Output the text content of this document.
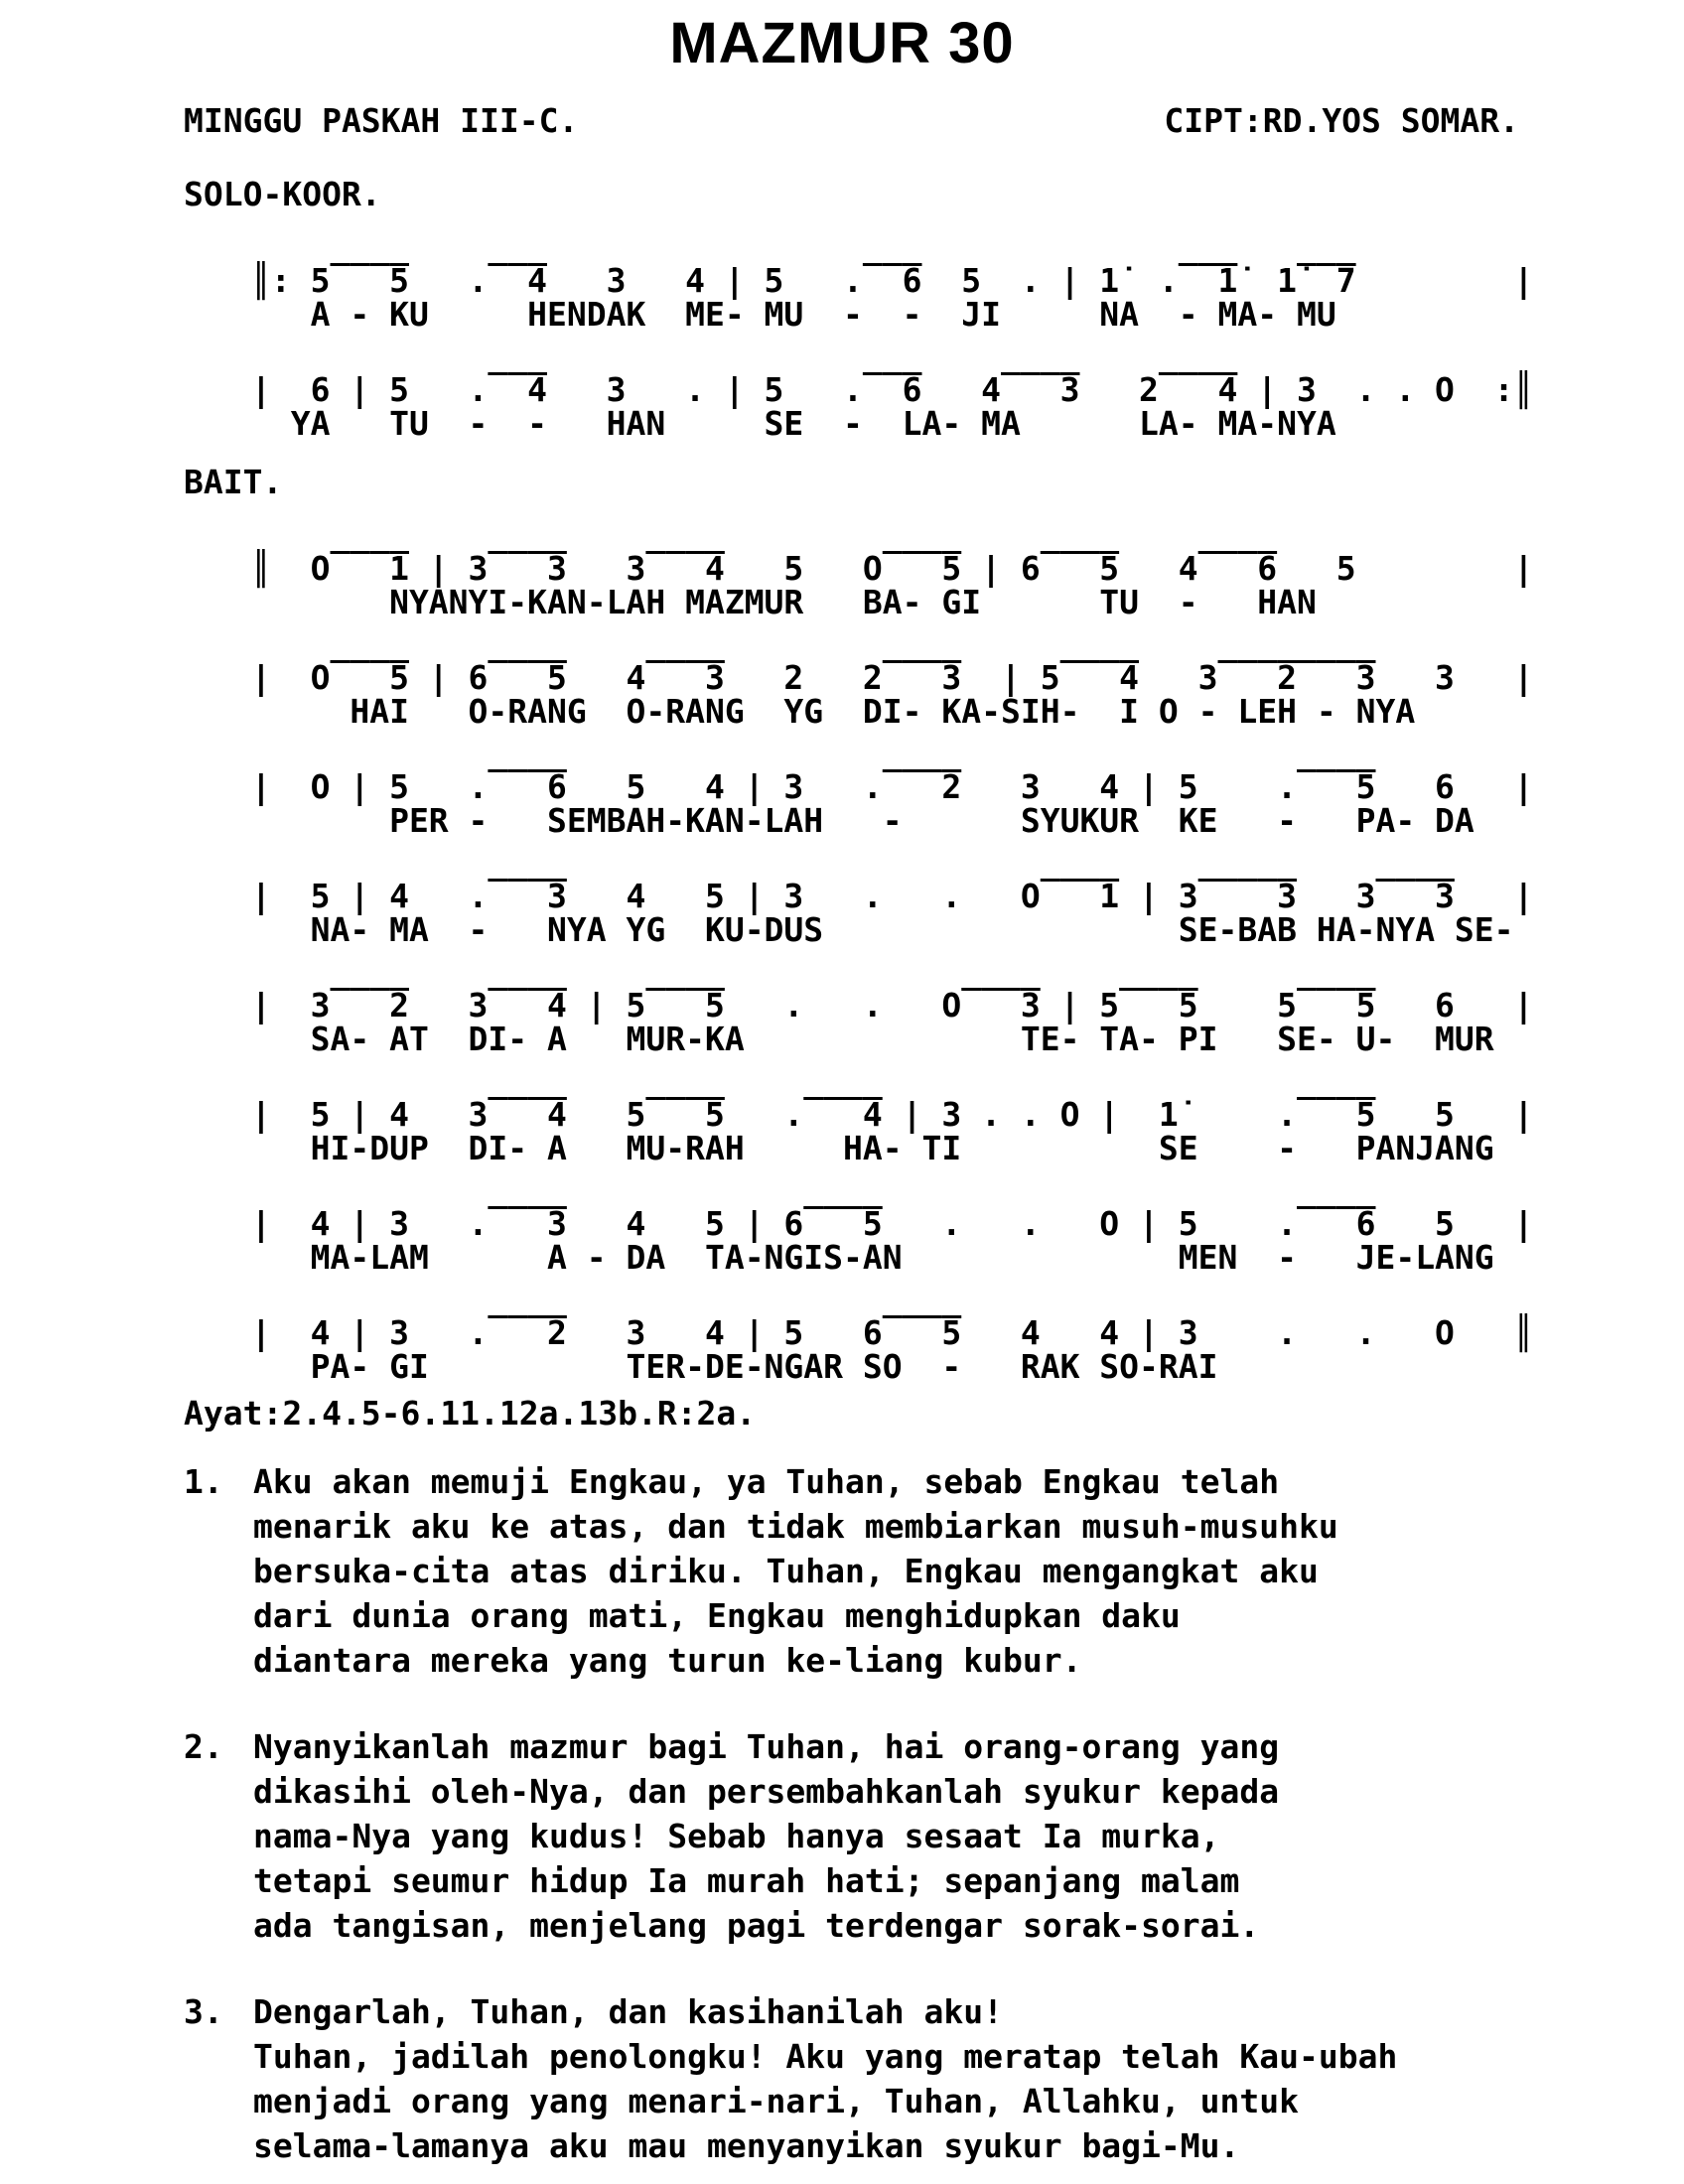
MAZMUR 30
MINGGU PASKAH III-C.	CIPT:RD.YOS SOMAR.
SOLO-KOOR.
____    ___                ___             ___   ___
║: 5   5   .  4   3   4 | 5   .  6  5  . | 1̇  .  1̇  1̇  7        |
A - KU     HENDAK  ME- MU  -  -  JI     NA  - MA- MU
___                ___    ____    ____
|  6 | 5   .  4   3   . | 5   .  6   4   3   2   4 | 3  . . O  :║
YA   TU  -  -   HAN     SE  -  LA- MA      LA- MA-NYA
BAIT.
____    ____    ____        ____    ____    ____
║  O   1 | 3   3   3   4   5   O   5 | 6   5   4   6   5        |
NYANYI-KAN-LAH MAZMUR   BA- GI      TU  -   HAN
____    ____    ____        ____     ____    ________
|  O   5 | 6   5   4   3   2   2   3  | 5   4   3   2   3   3   |
HAI   O-RANG  O-RANG  YG  DI- KA-SIH-  I O - LEH - NYA
____                ____                 ____
|  O | 5   .   6   5   4 | 3   .   2   3   4 | 5    .   5   6   |
PER -   SEMBAH-KAN-LAH   -      SYUKUR  KE   -   PA- DA
____                        ____    _____    ____
|  5 | 4   .   3   4   5 | 3   .   .   O   1 | 3    3   3   3   |
NA- MA  -   NYA YG  KU-DUS                  SE-BAB HA-NYA SE-
____    ____    ____            ____    ____     ____
|  3   2   3   4 | 5   5   .   .   O   3 | 5   5    5   5   6   |
SA- AT  DI- A   MUR-KA              TE- TA- PI   SE- U-  MUR
____    ____    ____                     ____
|  5 | 4   3   4   5   5   .   4 | 3 . . O |  1̇     .   5   5   |
HI-DUP  DI- A   MU-RAH     HA- TI          SE    -   PANJANG
____            ____                     ____
|  4 | 3   .   3   4   5 | 6   5   .   .   O | 5    .   6   5   |
MA-LAM      A - DA  TA-NGIS-AN              MEN  -   JE-LANG
____                ____
|  4 | 3   .   2   3   4 | 5   6   5   4   4 | 3    .   .   O   ║
PA- GI          TER-DE-NGAR SO  -   RAK SO-RAI
Ayat:2.4.5-6.11.12a.13b.R:2a.
1. Aku akan memuji Engkau, ya Tuhan, sebab Engkau telah
menarik aku ke atas, dan tidak membiarkan musuh-musuhku
bersuka-cita atas diriku. Tuhan, Engkau mengangkat aku
dari dunia orang mati, Engkau menghidupkan daku
diantara mereka yang turun ke-liang kubur.
2. Nyanyikanlah mazmur bagi Tuhan, hai orang-orang yang
dikasihi oleh-Nya, dan persembahkanlah syukur kepada
nama-Nya yang kudus! Sebab hanya sesaat Ia murka,
tetapi seumur hidup Ia murah hati; sepanjang malam
ada tangisan, menjelang pagi terdengar sorak-sorai.
3. Dengarlah, Tuhan, dan kasihanilah aku!
Tuhan, jadilah penolongku! Aku yang meratap telah Kau-ubah
menjadi orang yang menari-nari, Tuhan, Allahku, untuk
selama-lamanya aku mau menyanyikan syukur bagi-Mu.
